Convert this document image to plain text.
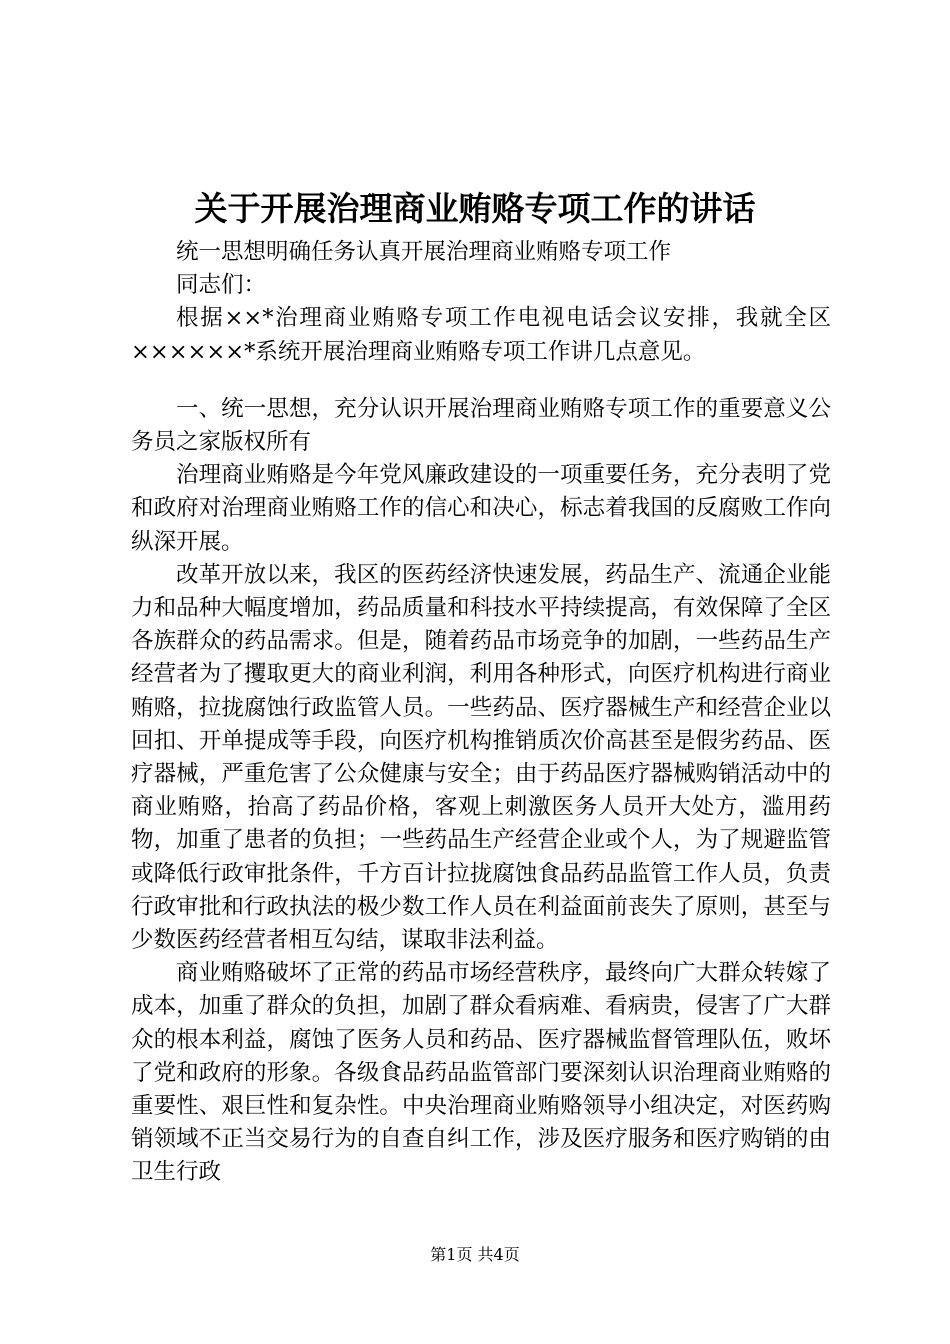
关于开展治理商业贿赂专项工作的讲话

统一思想明确任务认真开展治理商业贿赂专项工作

同志们：

根据××*治理商业贿赂专项工作电视电话会议安排，我就全区××××××*系统开展治理商业贿赂专项工作讲几点意见。

一、统一思想，充分认识开展治理商业贿赂专项工作的重要意义公务员之家版权所有

治理商业贿赂是今年党风廉政建设的一项重要任务，充分表明了党和政府对治理商业贿赂工作的信心和决心，标志着我国的反腐败工作向纵深开展。

改革开放以来，我区的医药经济快速发展，药品生产、流通企业能力和品种大幅度增加，药品质量和科技水平持续提高，有效保障了全区各族群众的药品需求。但是，随着药品市场竞争的加剧，一些药品生产经营者为了攫取更大的商业利润，利用各种形式，向医疗机构进行商业贿赂，拉拢腐蚀行政监管人员。一些药品、医疗器械生产和经营企业以回扣、开单提成等手段，向医疗机构推销质次价高甚至是假劣药品、医疗器械，严重危害了公众健康与安全；由于药品医疗器械购销活动中的商业贿赂，抬高了药品价格，客观上刺激医务人员开大处方，滥用药物，加重了患者的负担；一些药品生产经营企业或个人，为了规避监管或降低行政审批条件，千方百计拉拢腐蚀食品药品监管工作人员，负责行政审批和行政执法的极少数工作人员在利益面前丧失了原则，甚至与少数医药经营者相互勾结，谋取非法利益。

商业贿赂破坏了正常的药品市场经营秩序，最终向广大群众转嫁了成本，加重了群众的负担，加剧了群众看病难、看病贵，侵害了广大群众的根本利益，腐蚀了医务人员和药品、医疗器械监督管理队伍，败坏了党和政府的形象。各级食品药品监管部门要深刻认识治理商业贿赂的重要性、艰巨性和复杂性。中央治理商业贿赂领导小组决定，对医药购销领域不正当交易行为的自查自纠工作，涉及医疗服务和医疗购销的由卫生行政

第1页 共4页
